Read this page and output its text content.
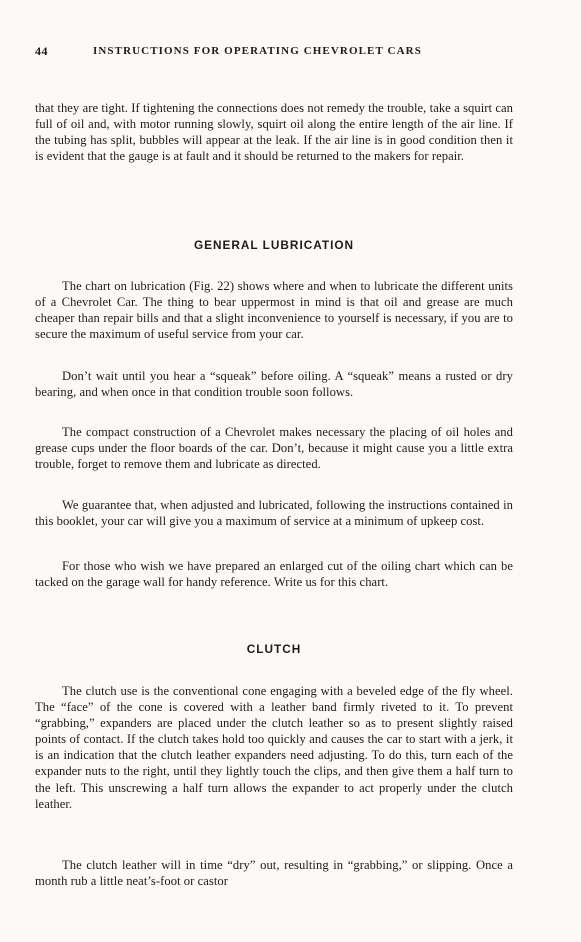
44	INSTRUCTIONS FOR OPERATING CHEVROLET CARS

that they are tight. If tightening the connections does not remedy the trouble, take a squirt can full of oil and, with motor running slowly, squirt oil along the entire length of the air line. If the tubing has split, bubbles will appear at the leak. If the air line is in good condition then it is evident that the gauge is at fault and it should be returned to the makers for repair.

GENERAL LUBRICATION

The chart on lubrication (Fig. 22) shows where and when to lubricate the different units of a Chevrolet Car. The thing to bear uppermost in mind is that oil and grease are much cheaper than repair bills and that a slight inconvenience to yourself is necessary, if you are to secure the maximum of useful service from your car.

Don’t wait until you hear a “squeak” before oiling. A “squeak” means a rusted or dry bearing, and when once in that condition trouble soon follows.

The compact construction of a Chevrolet makes necessary the placing of oil holes and grease cups under the floor boards of the car. Don’t, because it might cause you a little extra trouble, forget to remove them and lubricate as directed.

We guarantee that, when adjusted and lubricated, following the instructions contained in this booklet, your car will give you a maximum of service at a minimum of upkeep cost.

For those who wish we have prepared an enlarged cut of the oiling chart which can be tacked on the garage wall for handy reference. Write us for this chart.

CLUTCH

The clutch use is the conventional cone engaging with a beveled edge of the fly wheel. The “face” of the cone is covered with a leather band firmly riveted to it. To prevent “grabbing,” expanders are placed under the clutch leather so as to present slightly raised points of contact. If the clutch takes hold too quickly and causes the car to start with a jerk, it is an indication that the clutch leather expanders need adjusting. To do this, turn each of the expander nuts to the right, until they lightly touch the clips, and then give them a half turn to the left. This unscrewing a half turn allows the expander to act properly under the clutch leather.

The clutch leather will in time “dry” out, resulting in “grabbing,” or slipping. Once a month rub a little neat’s-foot or castor
